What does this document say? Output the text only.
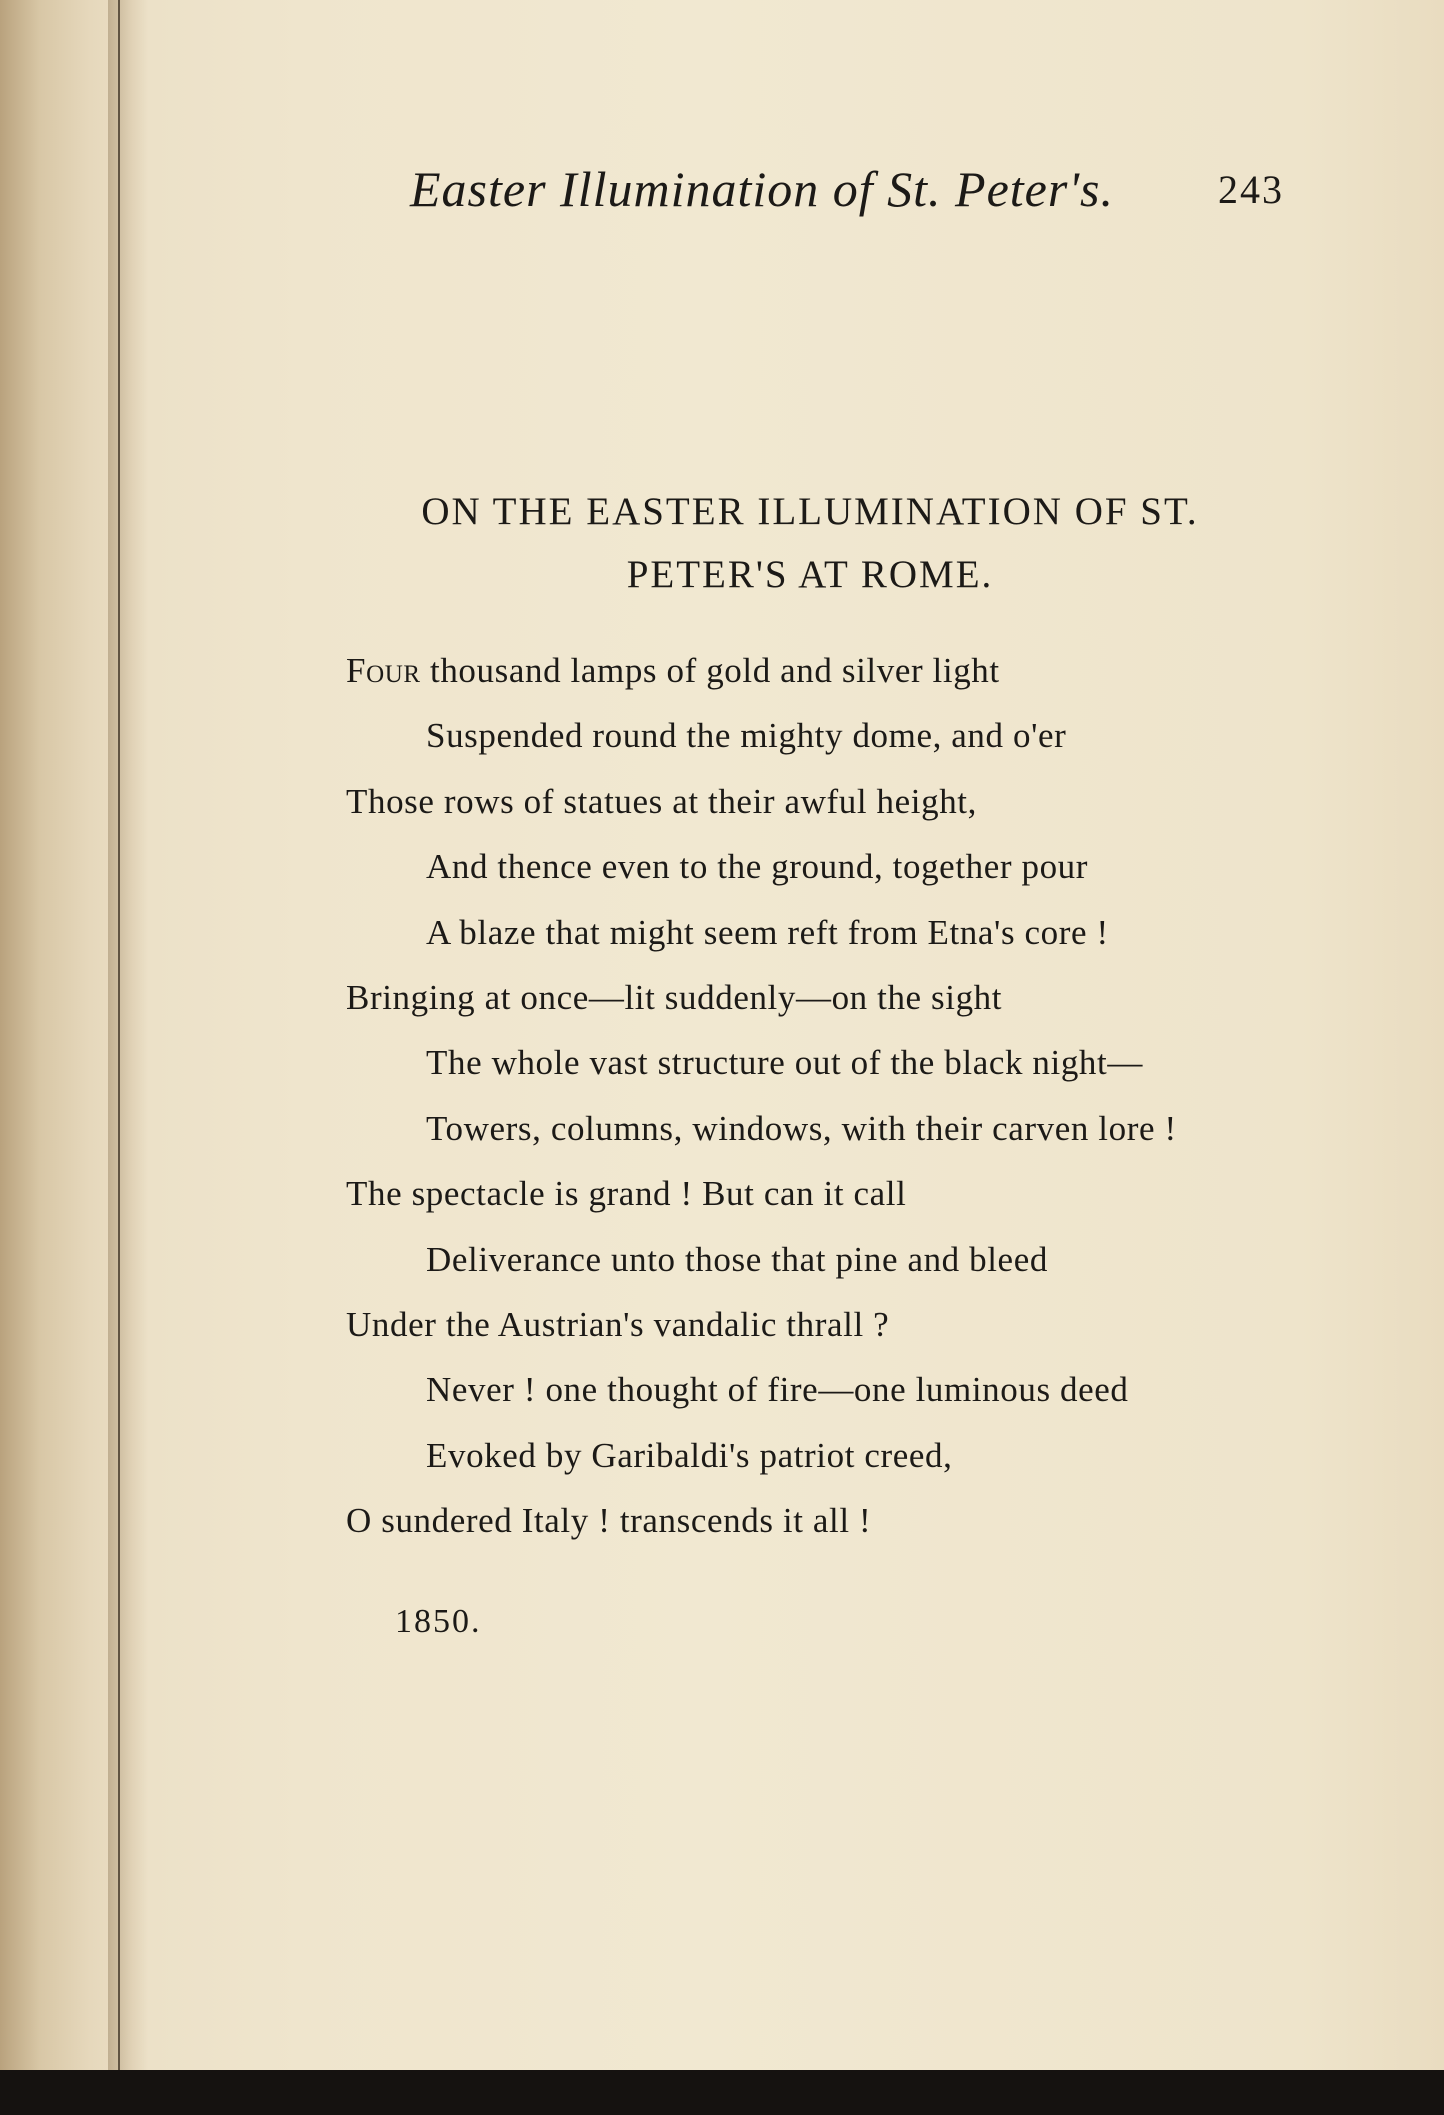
Easter Illumination of St. Peter's.	243
ON THE EASTER ILLUMINATION OF ST.
PETER'S AT ROME.
Four thousand lamps of gold and silver light
Suspended round the mighty dome, and o'er
Those rows of statues at their awful height,
And thence even to the ground, together pour
A blaze that might seem reft from Etna's core !
Bringing at once—lit suddenly—on the sight
The whole vast structure out of the black night—
Towers, columns, windows, with their carven lore !
The spectacle is grand ! But can it call
Deliverance unto those that pine and bleed
Under the Austrian's vandalic thrall ?
Never ! one thought of fire—one luminous deed
Evoked by Garibaldi's patriot creed,
O sundered Italy ! transcends it all !
1850.
